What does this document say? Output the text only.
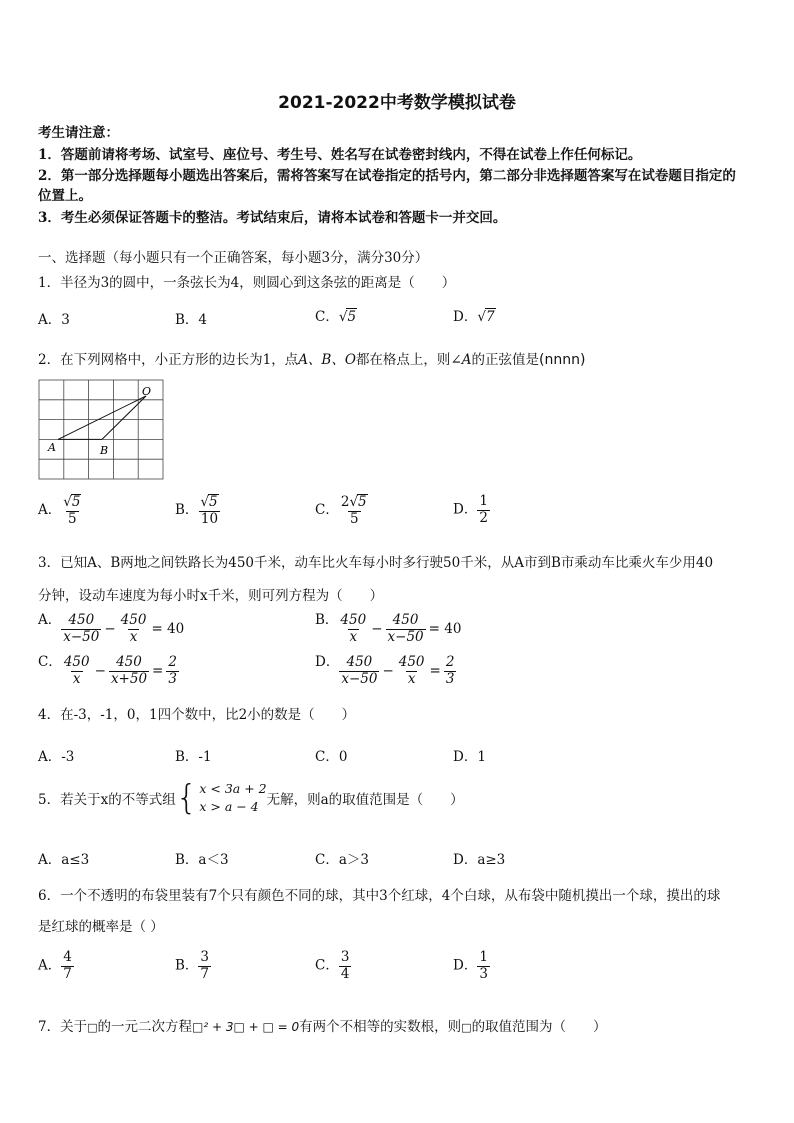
2021-2022中考数学模拟试卷
考生请注意：
1．答题前请将考场、试室号、座位号、考生号、姓名写在试卷密封线内，不得在试卷上作任何标记。
2．第一部分选择题每小题选出答案后，需将答案写在试卷指定的括号内，第二部分非选择题答案写在试卷题目指定的
位置上。
3．考生必须保证答题卡的整洁。考试结束后，请将本试卷和答题卡一并交回。
一、选择题（每小题只有一个正确答案，每小题3分，满分30分）
1．半径为3的圆中，一条弦长为4，则圆心到这条弦的距离是（　　）
A．3	B．4	C．√ 5	D．√ 7
2．在下列网格中，小正方形的边长为1，点A、B、O都在格点上，则∠A的正弦值是(nnnn)
O
A	B
A． $\frac{√ 5}{5}$	B． $\frac{√ 5}{10}$	C． $\frac{2√ 5}{5}$	D． $\frac{1}{2}$
3．已知A、B两地之间铁路长为450千米，动车比火车每小时多行驶50千米，从A市到B市乘动车比乘火车少用40
分钟，设动车速度为每小时x千米，则可列方程为（　　）
A． $\frac{450}{x-50} - \frac{450}{x} = 40$
B． $\frac{450}{x} - \frac{450}{x-50} = 40$
C． $\frac{450}{x} - \frac{450}{x+50} = \frac{2}{3}$	D． $\frac{450}{x-50} - \frac{450}{x} = \frac{2}{3}$
4．在-3，-1，0，1四个数中，比2小的数是（　　）
A．-3	B．-1	C．0	D．1
5．若关于x的不等式组 { x < 3a + 2
x > a − 4 无解，则a的取值范围是（　　）
A．a≤3	B．a＜3	C．a＞3	D．a≥3
6．一个不透明的布袋里装有7个只有颜色不同的球，其中3个红球，4个白球，从布袋中随机摸出一个球，摸出的球
是红球的概率是（ ）
A． $\frac{4}{7}$	B． $\frac{3}{7}$	C． $\frac{3}{4}$	D． $\frac{1}{3}$
7．关于□的一元二次方程□² + 3□ + □ = 0有两个不相等的实数根，则□的取值范围为（　　）
